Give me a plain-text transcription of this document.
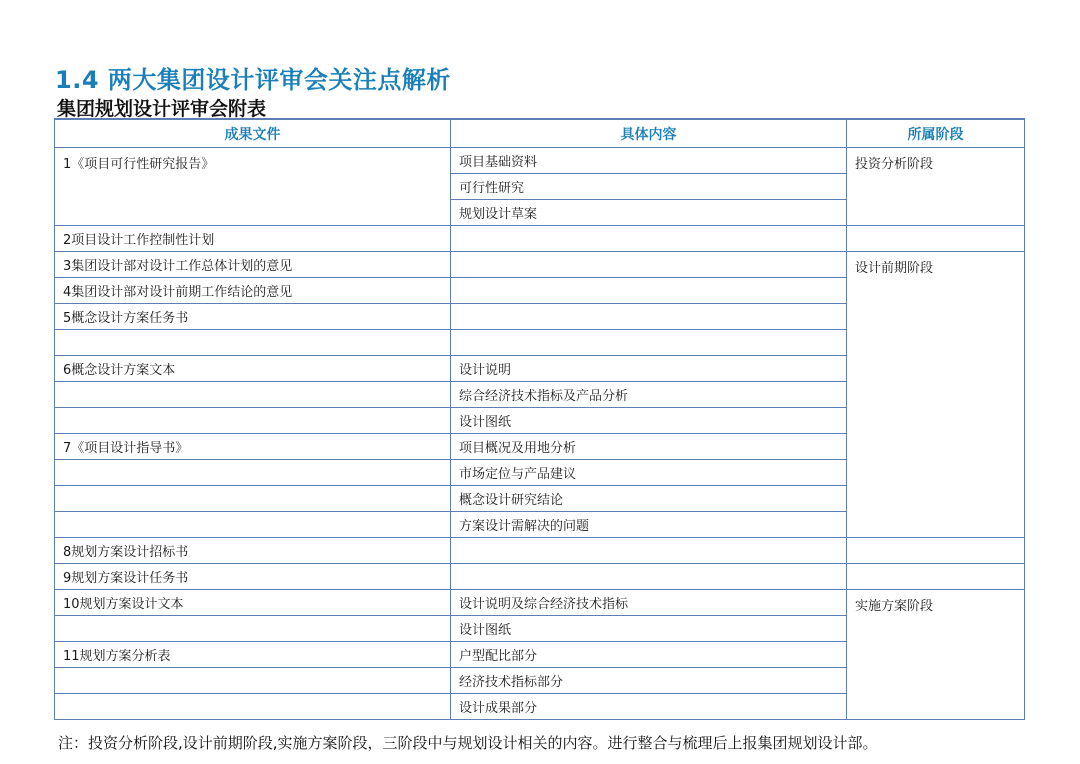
1.4 两大集团设计评审会关注点解析
集团规划设计评审会附表
成果文件	具体内容	所属阶段
1《项目可行性研究报告》	项目基础资料	投资分析阶段
	可行性研究	
	规划设计草案	
2项目设计工作控制性计划		
3集团设计部对设计工作总体计划的意见		设计前期阶段
4集团设计部对设计前期工作结论的意见		
5概念设计方案任务书		

6概念设计方案文本	设计说明	
	综合经济技术指标及产品分析	
	设计图纸	
7《项目设计指导书》	项目概况及用地分析	
	市场定位与产品建议	
	概念设计研究结论	
	方案设计需解决的问题	
8规划方案设计招标书		
9规划方案设计任务书		
10规划方案设计文本	设计说明及综合经济技术指标	实施方案阶段
	设计图纸	
11规划方案分析表	户型配比部分	
	经济技术指标部分	
	设计成果部分	
注：投资分析阶段,设计前期阶段,实施方案阶段，三阶段中与规划设计相关的内容。进行整合与梳理后上报集团规划设计部。
